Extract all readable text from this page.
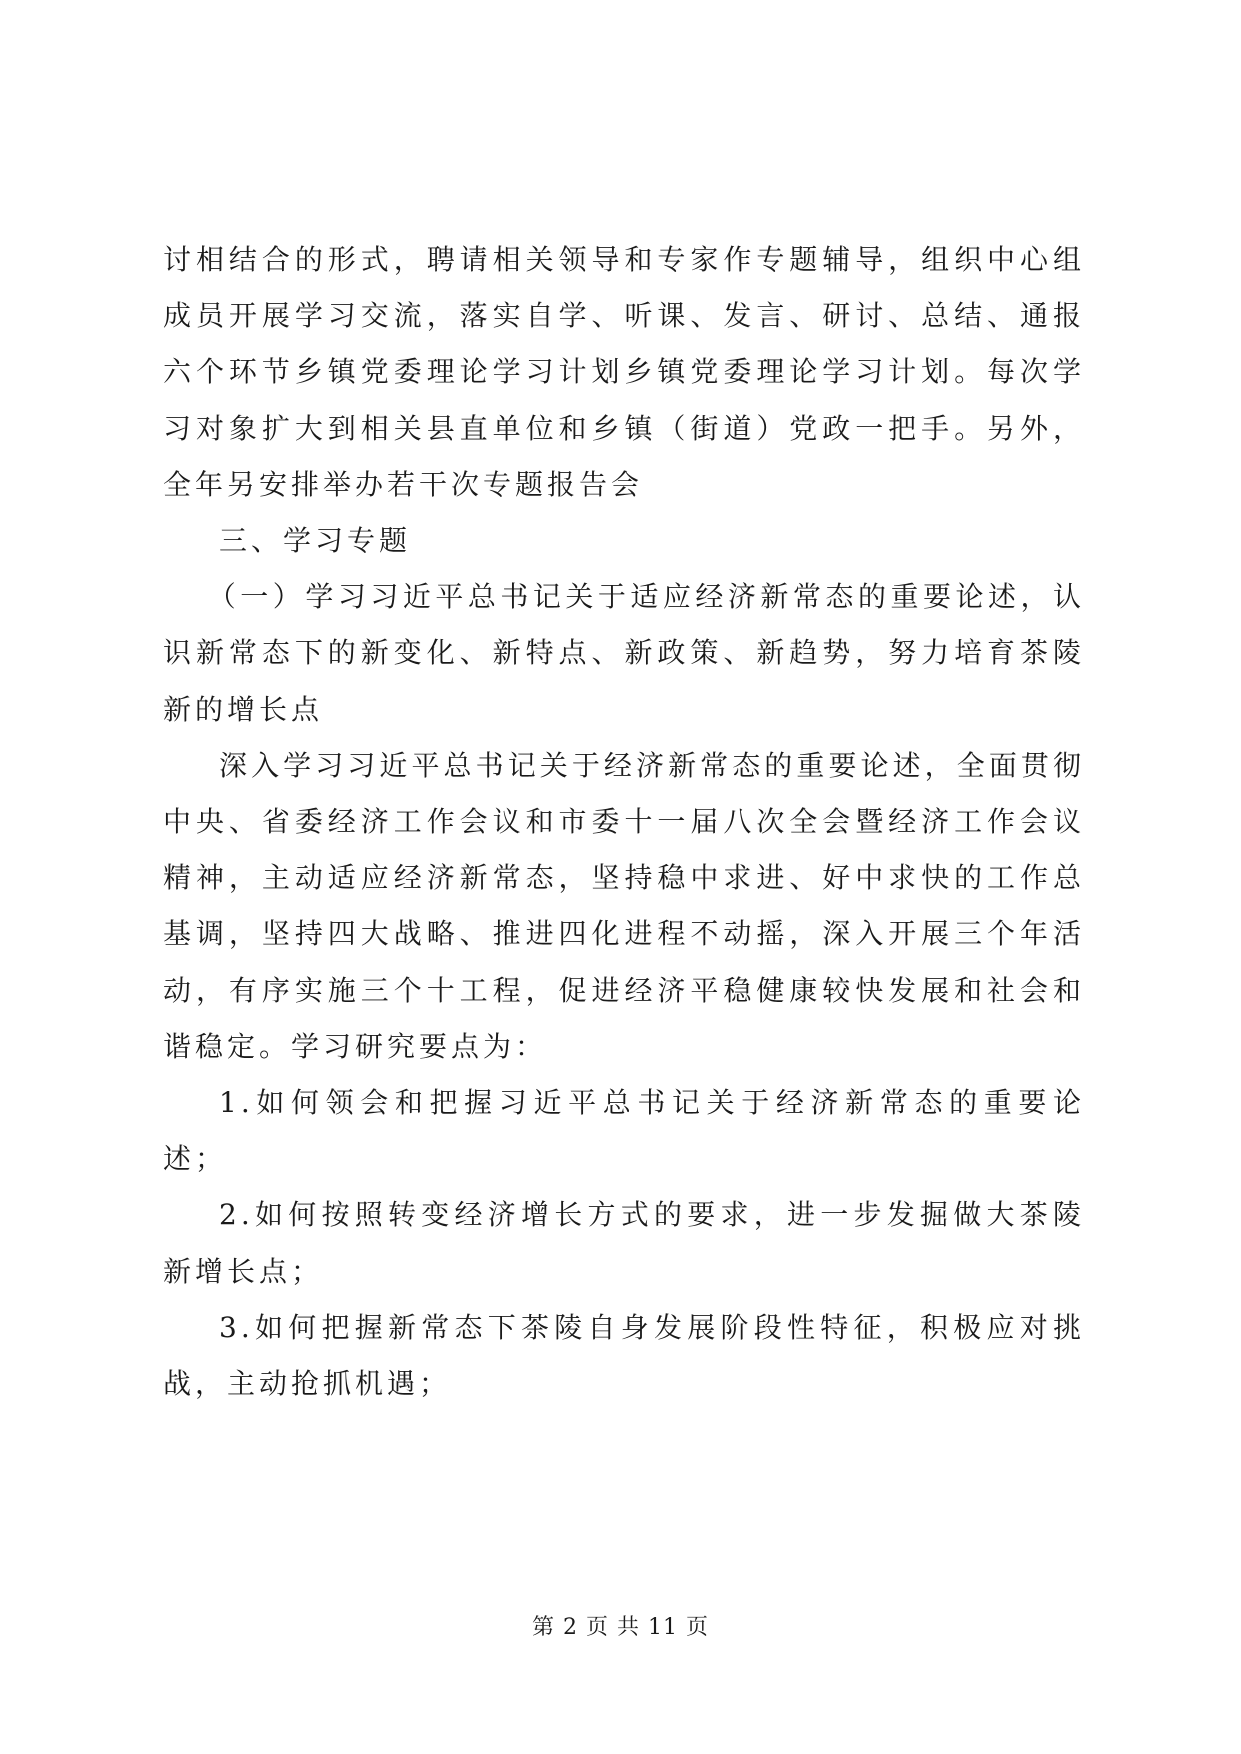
讨相结合的形式，聘请相关领导和专家作专题辅导，组织中心组成员开展学习交流，落实自学、听课、发言、研讨、总结、通报六个环节乡镇党委理论学习计划乡镇党委理论学习计划。每次学习对象扩大到相关县直单位和乡镇（街道）党政一把手。另外，全年另安排举办若干次专题报告会

三、学习专题

（一）学习习近平总书记关于适应经济新常态的重要论述，认识新常态下的新变化、新特点、新政策、新趋势，努力培育茶陵新的增长点

深入学习习近平总书记关于经济新常态的重要论述，全面贯彻中央、省委经济工作会议和市委十一届八次全会暨经济工作会议精神，主动适应经济新常态，坚持稳中求进、好中求快的工作总基调，坚持四大战略、推进四化进程不动摇，深入开展三个年活动，有序实施三个十工程，促进经济平稳健康较快发展和社会和谐稳定。学习研究要点为：

1.如何领会和把握习近平总书记关于经济新常态的重要论述；

2.如何按照转变经济增长方式的要求，进一步发掘做大茶陵新增长点；

3.如何把握新常态下茶陵自身发展阶段性特征，积极应对挑战，主动抢抓机遇；

第 2 页 共 11 页
